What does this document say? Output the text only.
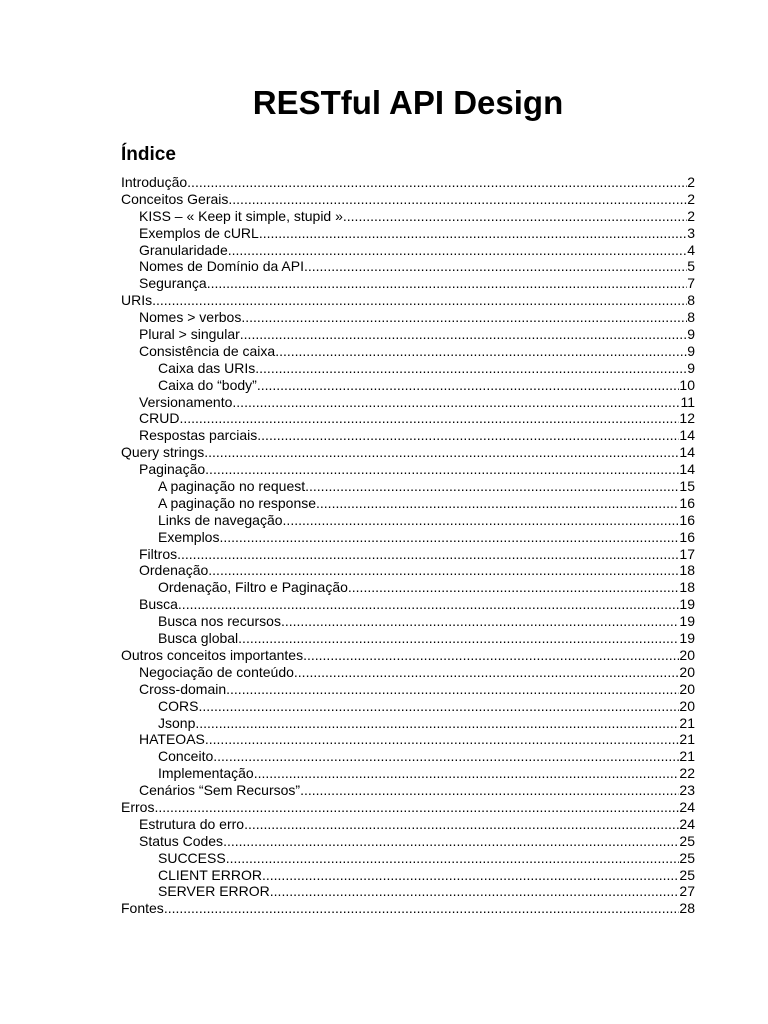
RESTful API Design
Índice
Introdução .....	2
Conceitos Gerais .....	2
KISS – « Keep it simple, stupid » .....	2
Exemplos de cURL .....	3
Granularidade .....	4
Nomes de Domínio da API .....	5
Segurança .....	7
URIs .....	8
Nomes > verbos .....	8
Plural > singular .....	9
Consistência de caixa .....	9
Caixa das URIs .....	9
Caixa do “body” .....	10
Versionamento .....	11
CRUD .....	12
Respostas parciais .....	14
Query strings .....	14
Paginação .....	14
A paginação no request .....	15
A paginação no response .....	16
Links de navegação .....	16
Exemplos .....	16
Filtros .....	17
Ordenação .....	18
Ordenação, Filtro e Paginação .....	18
Busca .....	19
Busca nos recursos .....	19
Busca global .....	19
Outros conceitos importantes .....	20
Negociação de conteúdo .....	20
Cross-domain .....	20
CORS .....	20
Jsonp .....	21
HATEOAS .....	21
Conceito .....	21
Implementação .....	22
Cenários “Sem Recursos” .....	23
Erros .....	24
Estrutura do erro .....	24
Status Codes .....	25
SUCCESS .....	25
CLIENT ERROR .....	25
SERVER ERROR .....	27
Fontes .....	28
